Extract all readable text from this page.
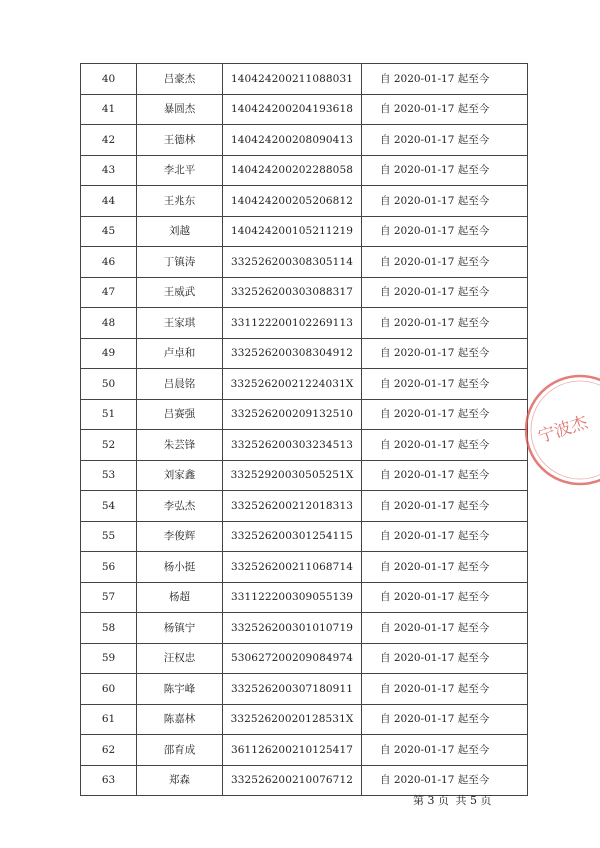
40	吕豪杰	140424200211088031	自 2020-01-17 起至今
41	暴圆杰	140424200204193618	自 2020-01-17 起至今
42	王德林	140424200208090413	自 2020-01-17 起至今
43	李北平	140424200202288058	自 2020-01-17 起至今
44	王兆东	140424200205206812	自 2020-01-17 起至今
45	刘越	140424200105211219	自 2020-01-17 起至今
46	丁镇涛	332526200308305114	自 2020-01-17 起至今
47	王威武	332526200303088317	自 2020-01-17 起至今
48	王家琪	331122200102269113	自 2020-01-17 起至今
49	卢卓和	332526200308304912	自 2020-01-17 起至今
50	吕晨铭	33252620021224031X	自 2020-01-17 起至今
51	吕赛强	332526200209132510	自 2020-01-17 起至今
52	朱芸锋	332526200303234513	自 2020-01-17 起至今
53	刘家鑫	33252920030505251X	自 2020-01-17 起至今
54	李弘杰	332526200212018313	自 2020-01-17 起至今
55	李俊辉	332526200301254115	自 2020-01-17 起至今
56	杨小挺	332526200211068714	自 2020-01-17 起至今
57	杨超	331122200309055139	自 2020-01-17 起至今
58	杨镇宁	332526200301010719	自 2020-01-17 起至今
59	汪权忠	530627200209084974	自 2020-01-17 起至今
60	陈宇峰	332526200307180911	自 2020-01-17 起至今
61	陈嘉林	33252620020128531X	自 2020-01-17 起至今
62	邵育成	361126200210125417	自 2020-01-17 起至今
63	郑森	332526200210076712	自 2020-01-17 起至今
第 3 页 共 5 页
宁波杰
